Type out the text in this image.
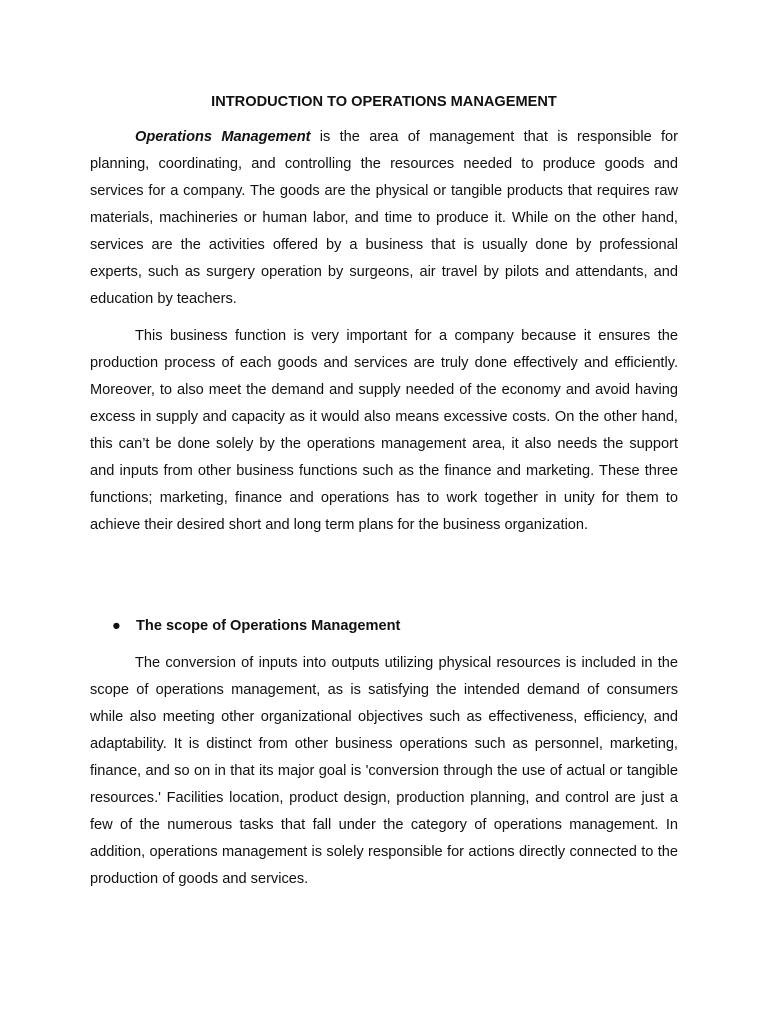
INTRODUCTION TO OPERATIONS MANAGEMENT

Operations Management is the area of management that is responsible for planning, coordinating, and controlling the resources needed to produce goods and services for a company. The goods are the physical or tangible products that requires raw materials, machineries or human labor, and time to produce it. While on the other hand, services are the activities offered by a business that is usually done by professional experts, such as surgery operation by surgeons, air travel by pilots and attendants, and education by teachers.

This business function is very important for a company because it ensures the production process of each goods and services are truly done effectively and efficiently. Moreover, to also meet the demand and supply needed of the economy and avoid having excess in supply and capacity as it would also means excessive costs. On the other hand, this can’t be done solely by the operations management area, it also needs the support and inputs from other business functions such as the finance and marketing. These three functions; marketing, finance and operations has to work together in unity for them to achieve their desired short and long term plans for the business organization.

● The scope of Operations Management

The conversion of inputs into outputs utilizing physical resources is included in the scope of operations management, as is satisfying the intended demand of consumers while also meeting other organizational objectives such as effectiveness, efficiency, and adaptability. It is distinct from other business operations such as personnel, marketing, finance, and so on in that its major goal is 'conversion through the use of actual or tangible resources.' Facilities location, product design, production planning, and control are just a few of the numerous tasks that fall under the category of operations management. In addition, operations management is solely responsible for actions directly connected to the production of goods and services.
